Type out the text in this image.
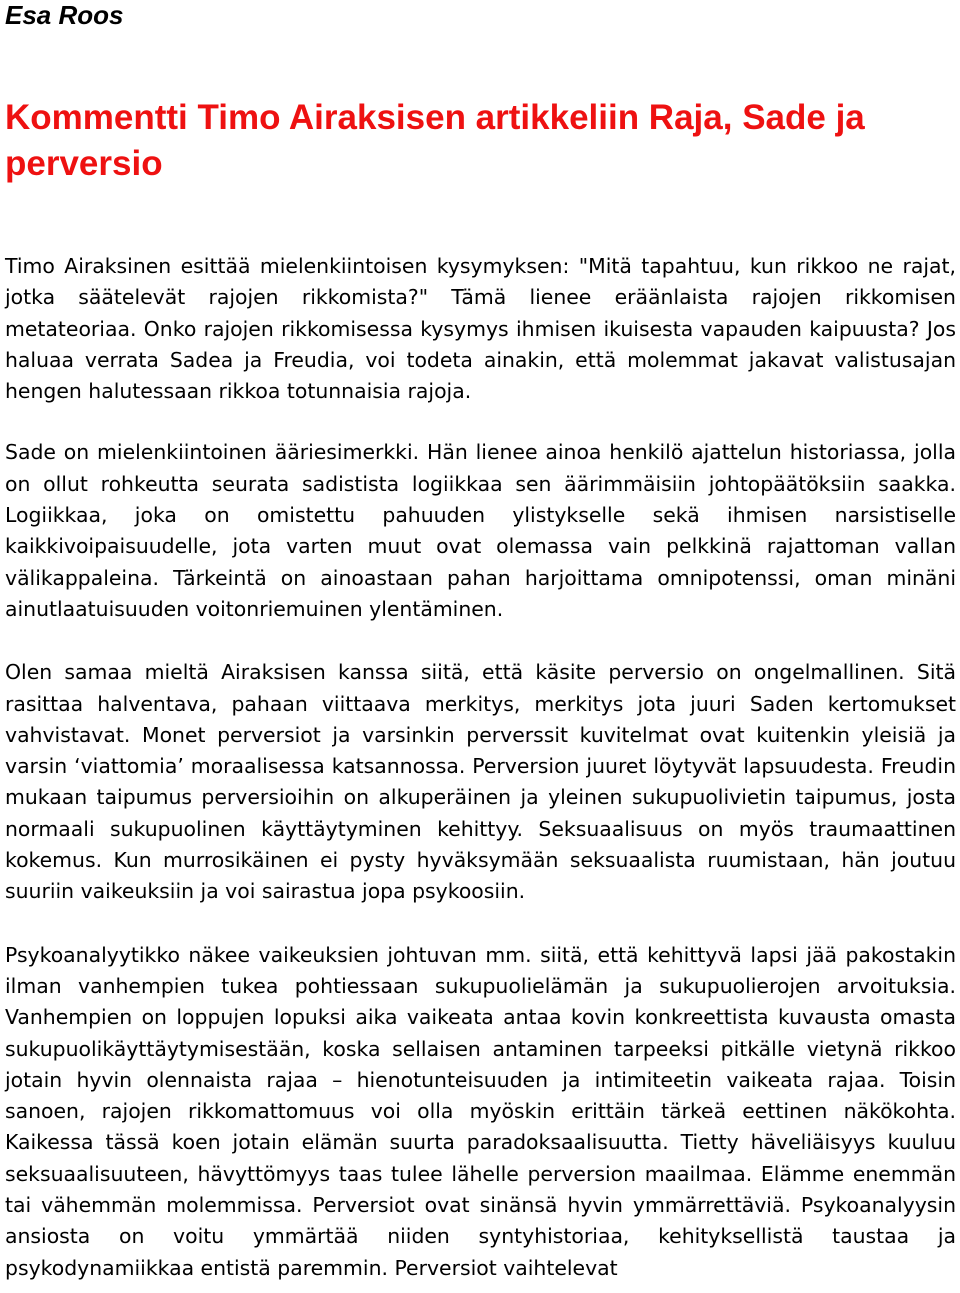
Esa Roos
Kommentti Timo Airaksisen artikkeliin Raja, Sade ja perversio

Timo Airaksinen esittää mielenkiintoisen kysymyksen: "Mitä tapahtuu, kun rikkoo ne rajat, jotka säätelevät rajojen rikkomista?" Tämä lienee eräänlaista rajojen rikkomisen metateoriaa. Onko rajojen rikkomisessa kysymys ihmisen ikuisesta vapauden kaipuusta? Jos haluaa verrata Sadea ja Freudia, voi todeta ainakin, että molemmat jakavat valistusajan hengen halutessaan rikkoa totunnaisia rajoja.

Sade on mielenkiintoinen ääriesimerkki. Hän lienee ainoa henkilö ajattelun historiassa, jolla on ollut rohkeutta seurata sadistista logiikkaa sen äärimmäisiin johtopäätöksiin saakka. Logiikkaa, joka on omistettu pahuuden ylistykselle sekä ihmisen narsistiselle kaikkivoipaisuudelle, jota varten muut ovat olemassa vain pelkkinä rajattoman vallan välikappaleina. Tärkeintä on ainoastaan pahan harjoittama omnipotenssi, oman minäni ainutlaatuisuuden voitonriemuinen ylentäminen.

Olen samaa mieltä Airaksisen kanssa siitä, että käsite perversio on ongelmallinen. Sitä rasittaa halventava, pahaan viittaava merkitys, merkitys jota juuri Saden kertomukset vahvistavat. Monet perversiot ja varsinkin perverssit kuvitelmat ovat kuitenkin yleisiä ja varsin ‘viattomia’ moraalisessa katsannossa. Perversion juuret löytyvät lapsuudesta. Freudin mukaan taipumus perversioihin on alkuperäinen ja yleinen sukupuolivietin taipumus, josta normaali sukupuolinen käyttäytyminen kehittyy. Seksuaalisuus on myös traumaattinen kokemus. Kun murrosikäinen ei pysty hyväksymään seksuaalista ruumistaan, hän joutuu suuriin vaikeuksiin ja voi sairastua jopa psykoosiin.

Psykoanalyytikko näkee vaikeuksien johtuvan mm. siitä, että kehittyvä lapsi jää pakostakin ilman vanhempien tukea pohtiessaan sukupuolielämän ja sukupuolierojen arvoituksia. Vanhempien on loppujen lopuksi aika vaikeata antaa kovin konkreettista kuvausta omasta sukupuolikäyttäytymisestään, koska sellaisen antaminen tarpeeksi pitkälle vietynä rikkoo jotain hyvin olennaista rajaa – hienotunteisuuden ja intimiteetin vaikeata rajaa. Toisin sanoen, rajojen rikkomattomuus voi olla myöskin erittäin tärkeä eettinen näkökohta. Kaikessa tässä koen jotain elämän suurta paradoksaalisuutta. Tietty häveliäisyys kuuluu seksuaalisuuteen, hävyttömyys taas tulee lähelle perversion maailmaa. Elämme enemmän tai vähemmän molemmissa. Perversiot ovat sinänsä hyvin ymmärrettäviä. Psykoanalyysin ansiosta on voitu ymmärtää niiden syntyhistoriaa, kehityksellistä taustaa ja psykodynamiikkaa entistä paremmin. Perversiot vaihtelevat
